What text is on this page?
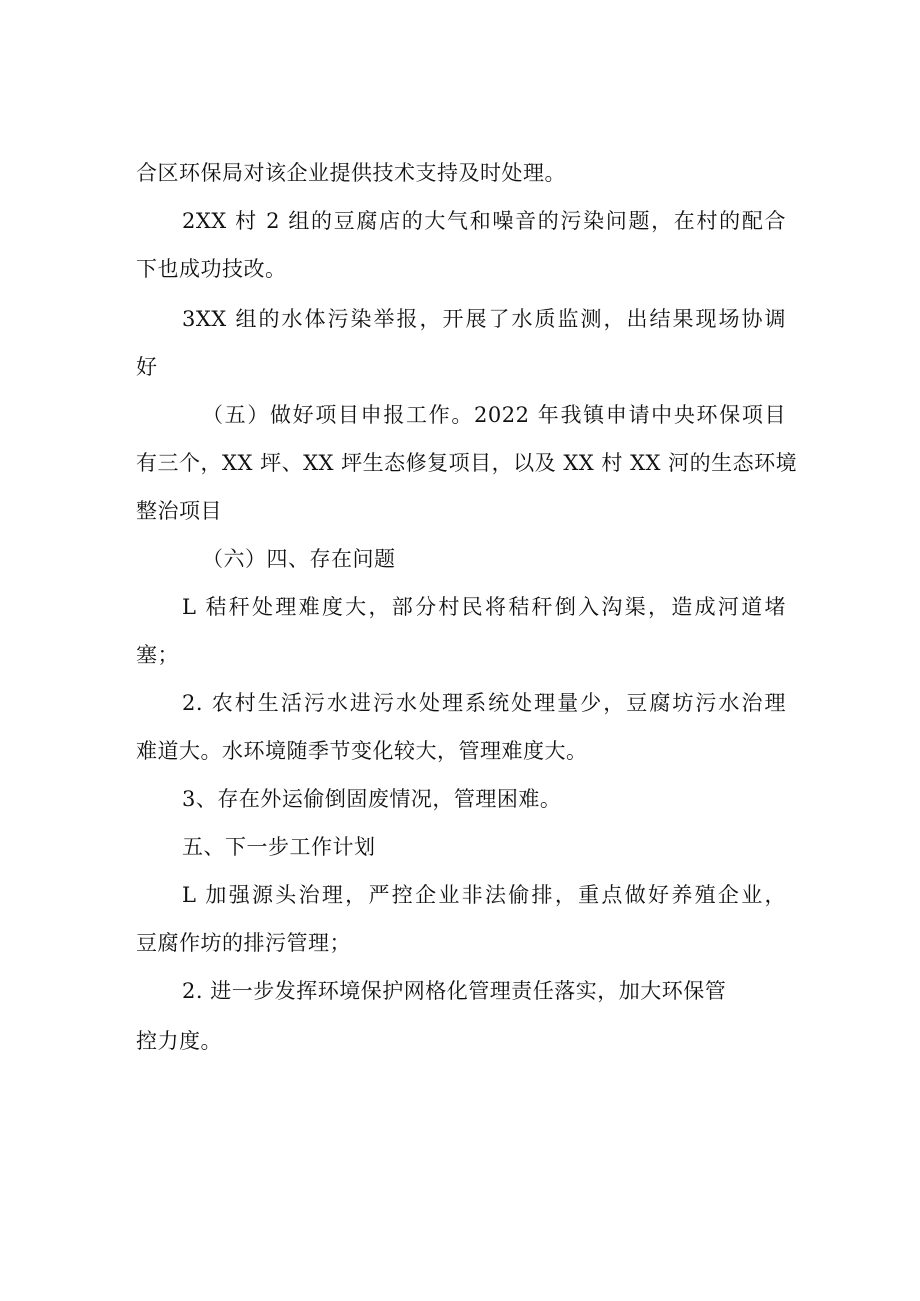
合区环保局对该企业提供技术支持及时处理。
2XX 村 2 组的豆腐店的大气和噪音的污染问题，在村的配合
下也成功技改。
3XX 组的水体污染举报，开展了水质监测，出结果现场协调
好
（五）做好项目申报工作。2022 年我镇申请中央环保项目
有三个，XX 坪、XX 坪生态修复项目，以及 XX 村 XX 河的生态环境
整治项目
（六）四、存在问题
L 秸秆处理难度大，部分村民将秸秆倒入沟渠，造成河道堵
塞；
2. 农村生活污水进污水处理系统处理量少，豆腐坊污水治理
难道大。水环境随季节变化较大，管理难度大。
3、存在外运偷倒固废情况，管理困难。
五、下一步工作计划
L 加强源头治理，严控企业非法偷排，重点做好养殖企业，
豆腐作坊的排污管理；
2. 进一步发挥环境保护网格化管理责任落实，加大环保管
控力度。
